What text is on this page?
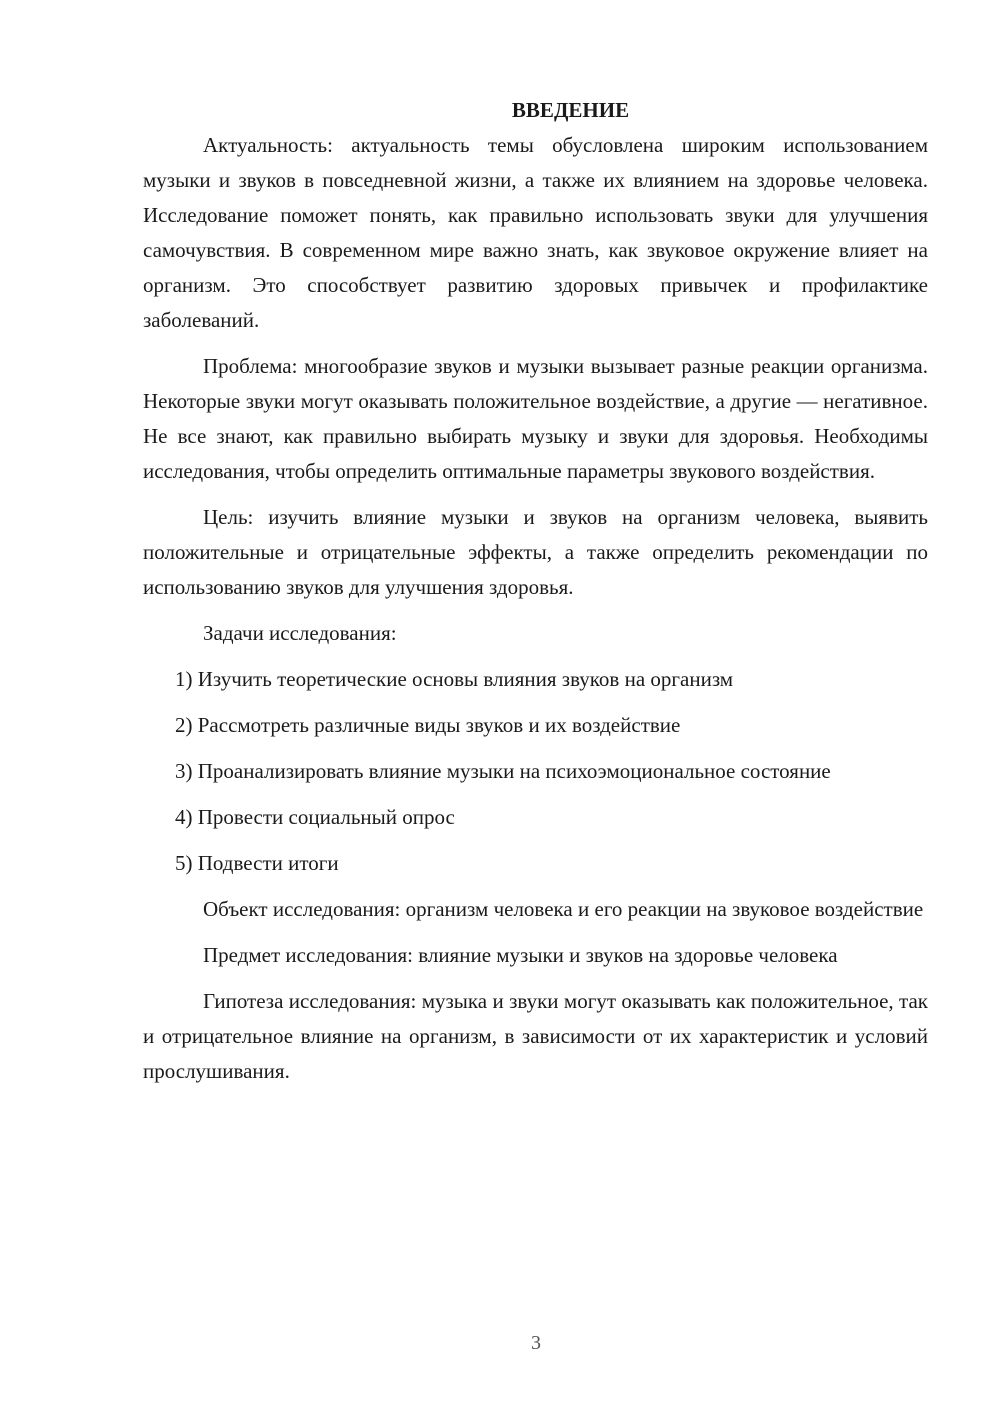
ВВЕДЕНИЕ

Актуальность: актуальность темы обусловлена широким использованием музыки и звуков в повседневной жизни, а также их влиянием на здоровье человека. Исследование поможет понять, как правильно использовать звуки для улучшения самочувствия. В современном мире важно знать, как звуковое окружение влияет на организм. Это способствует развитию здоровых привычек и профилактике заболеваний.

Проблема: многообразие звуков и музыки вызывает разные реакции организма. Некоторые звуки могут оказывать положительное воздействие, а другие — негативное. Не все знают, как правильно выбирать музыку и звуки для здоровья. Необходимы исследования, чтобы определить оптимальные параметры звукового воздействия.

Цель: изучить влияние музыки и звуков на организм человека, выявить положительные и отрицательные эффекты, а также определить рекомендации по использованию звуков для улучшения здоровья.

Задачи исследования:

1) Изучить теоретические основы влияния звуков на организм

2) Рассмотреть различные виды звуков и их воздействие

3) Проанализировать влияние музыки на психоэмоциональное состояние

4) Провести социальный опрос

5) Подвести итоги

Объект исследования: организм человека и его реакции на звуковое воздействие

Предмет исследования: влияние музыки и звуков на здоровье человека

Гипотеза исследования: музыка и звуки могут оказывать как положительное, так и отрицательное влияние на организм, в зависимости от их характеристик и условий прослушивания.

3
